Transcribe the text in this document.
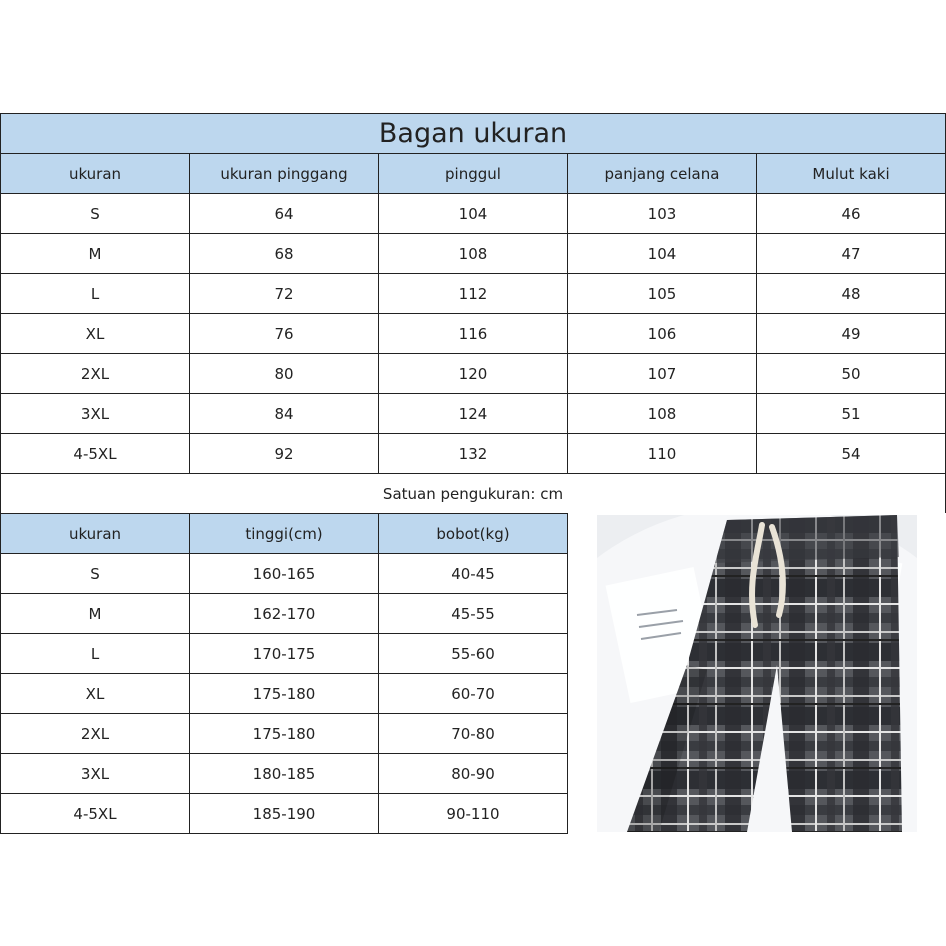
Bagan ukuran
Satuan pengukuran: cm
ukuran	ukuran pinggang	pinggul	panjang celana	Mulut kaki
S	64	104	103	46
M	68	108	104	47
L	72	112	105	48
XL	76	116	106	49
2XL	80	120	107	50
3XL	84	124	108	51
4-5XL	92	132	110	54
ukuran	tinggi(cm)	bobot(kg)
S	160-165	40-45
M	162-170	45-55
L	170-175	55-60
XL	175-180	60-70
2XL	175-180	70-80
3XL	180-185	80-90
4-5XL	185-190	90-110
